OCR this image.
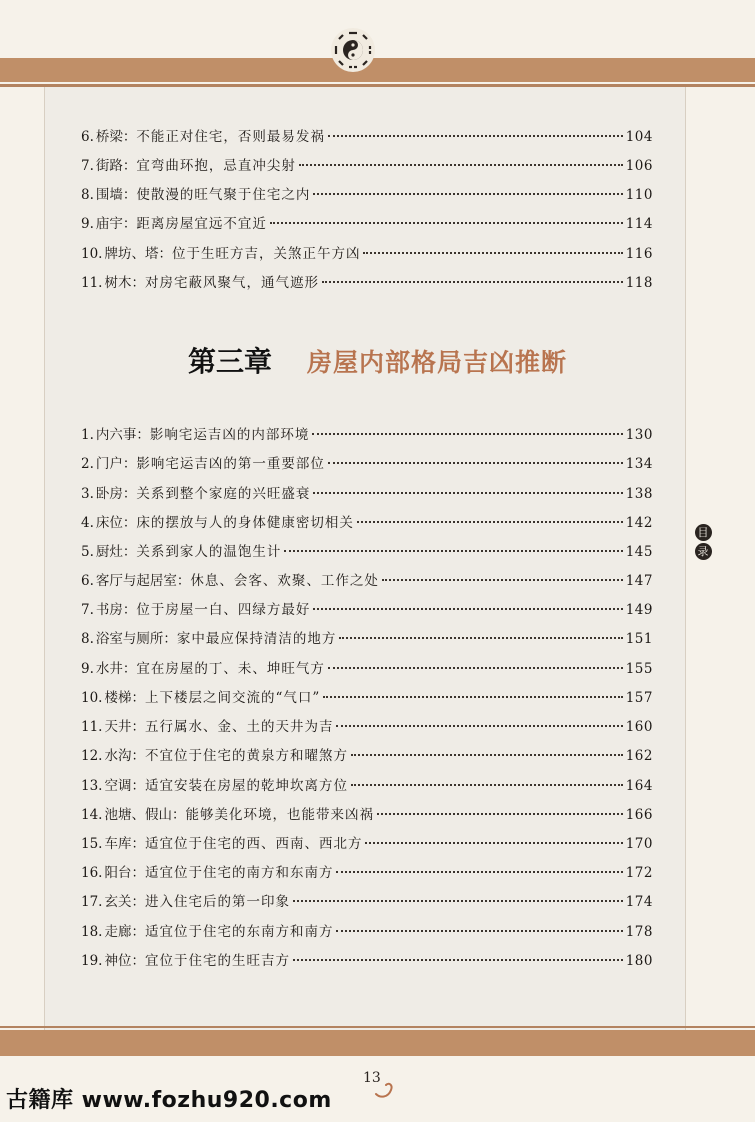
6. 桥梁： 不能正对住宅，否则最易发祸	104
7. 街路： 宜弯曲环抱，忌直冲尖射	106
8. 围墙： 使散漫的旺气聚于住宅之内	110
9. 庙宇： 距离房屋宜远不宜近	114
10. 牌坊、塔： 位于生旺方吉，关煞正午方凶	116
11. 树木： 对房宅蔽风聚气，通气遮形	118
第三章 房屋内部格局吉凶推断
1. 内六事： 影响宅运吉凶的内部环境	130
2. 门户： 影响宅运吉凶的第一重要部位	134
3. 卧房： 关系到整个家庭的兴旺盛衰	138
4. 床位： 床的摆放与人的身体健康密切相关	142
5. 厨灶： 关系到家人的温饱生计	145
6. 客厅与起居室： 休息、会客、欢聚、工作之处	147
7. 书房： 位于房屋一白、四绿方最好	149
8. 浴室与厕所： 家中最应保持清洁的地方	151
9. 水井： 宜在房屋的丁、未、坤旺气方	155
10. 楼梯： 上下楼层之间交流的“气口”	157
11. 天井： 五行属水、金、土的天井为吉	160
12. 水沟： 不宜位于住宅的黄泉方和曜煞方	162
13. 空调： 适宜安装在房屋的乾坤坎离方位	164
14. 池塘、假山： 能够美化环境，也能带来凶祸	166
15. 车库： 适宜位于住宅的西、西南、西北方	170
16. 阳台： 适宜位于住宅的南方和东南方	172
17. 玄关： 进入住宅后的第一印象	174
18. 走廊： 适宜位于住宅的东南方和南方	178
19. 神位： 宜位于住宅的生旺吉方	180
目
录
13
古籍库 www.fozhu920.com
